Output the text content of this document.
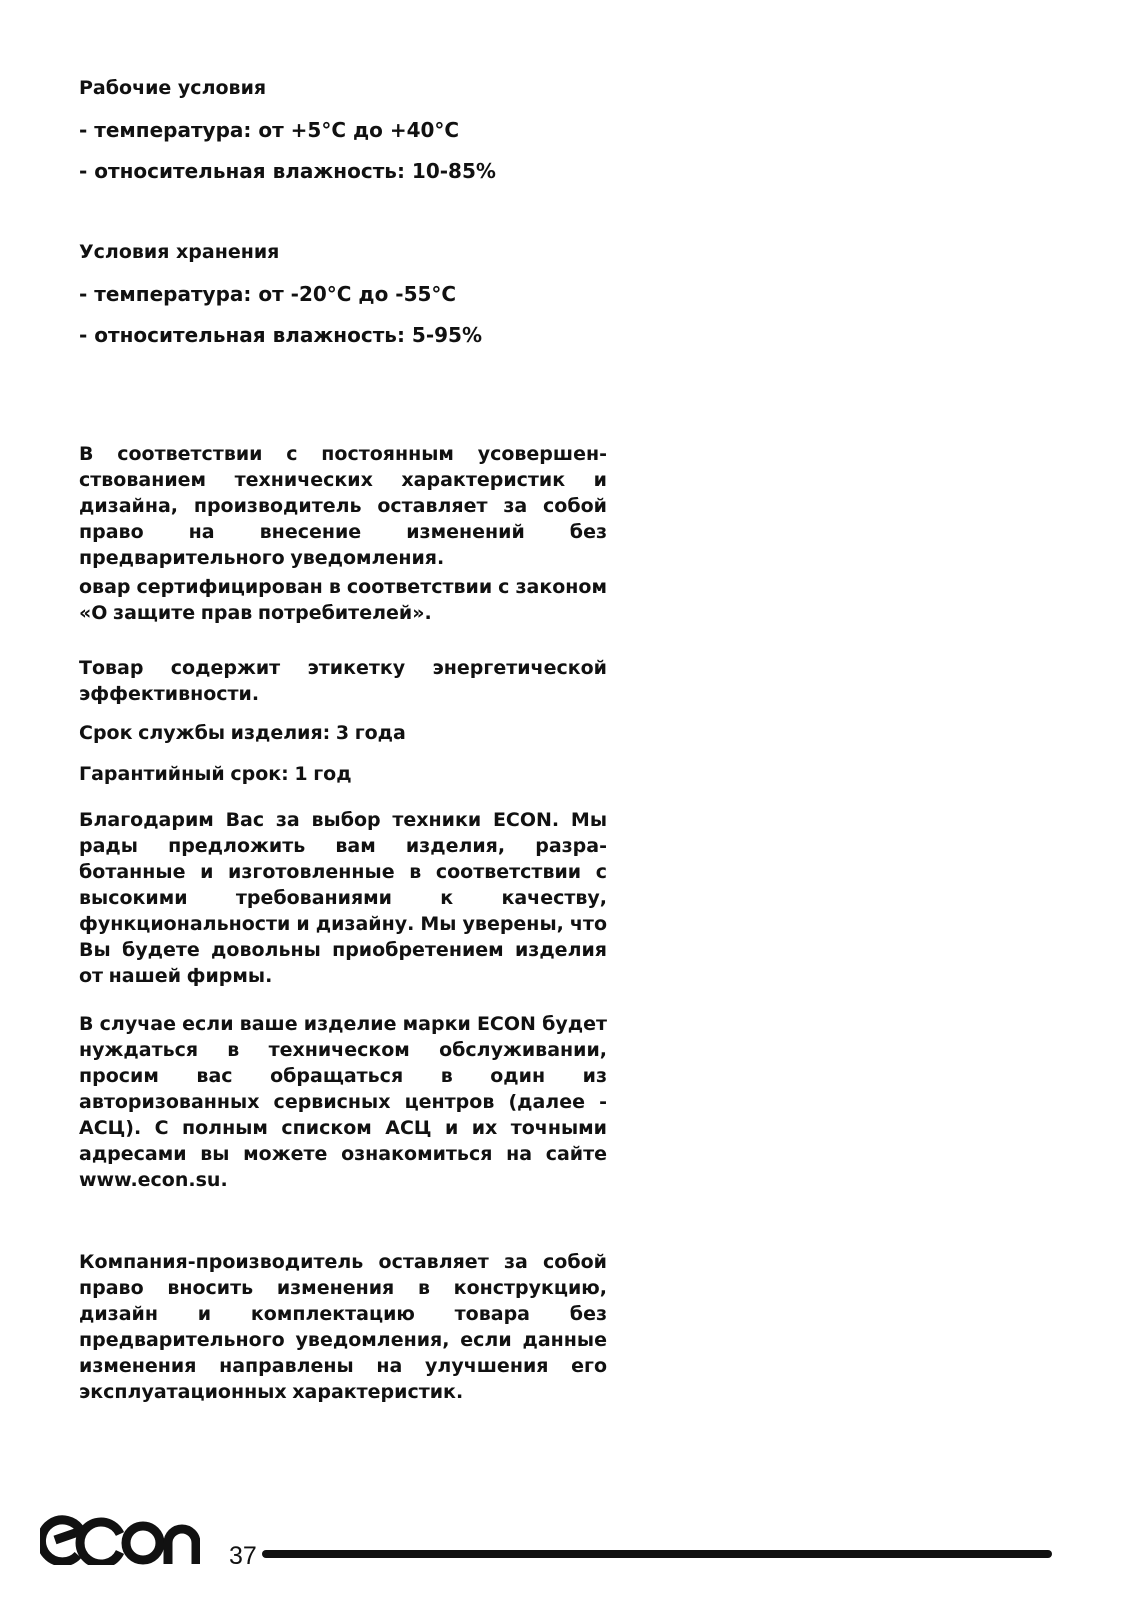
Рабочие условия

- температура: от +5°С до +40°С

- относительная влажность: 10-85%

Условия хранения

- температура: от -20°С до -55°С

- относительная влажность: 5-95%

В соответствии с постоянным усовершенствованием технических характеристик и дизайна, производитель оставляет за собой право на внесение изменений без предварительного уведомления.

овар сертифицирован в соответствии с законом «О защите прав потребителей».

Товар содержит этикетку энергетической эффективности.

Срок службы изделия: 3 года

Гарантийный срок: 1 год

Благодарим Вас за выбор техники ECON. Мы рады предложить вам изделия, разработанные и изготовленные в соответствии с высокими требованиями к качеству, функциональности и дизайну. Мы уверены, что Вы будете довольны приобретением изделия от нашей фирмы.

В случае если ваше изделие марки ECON будет нуждаться в техническом обслуживании, просим вас обращаться в один из авторизованных сервисных центров (далее - АСЦ). С полным списком АСЦ и их точными адресами вы можете ознакомиться на сайте www.econ.su.

Компания-производитель оставляет за собой право вносить изменения в конструкцию, дизайн и комплектацию товара без предварительного уведомления, если данные изменения направлены на улучшения его эксплуатационных характеристик.

37
